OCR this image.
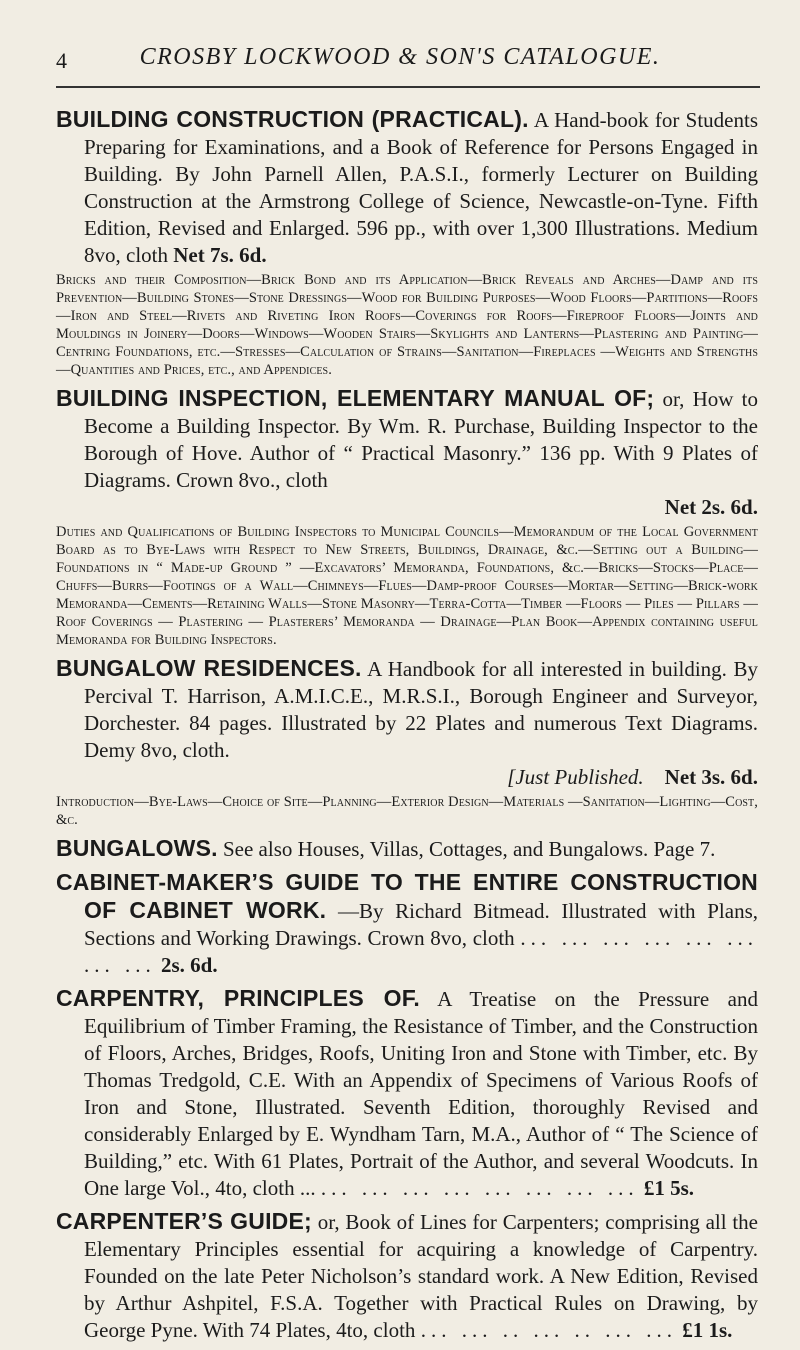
4	CROSBY LOCKWOOD & SON'S CATALOGUE.
BUILDING CONSTRUCTION (PRACTICAL). A Hand-book for Students Preparing for Examinations, and a Book of Reference for Persons Engaged in Building. By John Parnell Allen, P.A.S.I., formerly Lecturer on Building Construction at the Armstrong College of Science, Newcastle-on-Tyne. Fifth Edition, Revised and Enlarged. 596 pp., with over 1,300 Illustrations. Medium 8vo, cloth Net 7s. 6d.
Bricks and their Composition—Brick Bond and its Application—Brick Reveals and Arches—Damp and its Prevention—Building Stones—Stone Dressings—Wood for Building Purposes—Wood Floors—Partitions—Roofs—Iron and Steel—Rivets and Riveting Iron Roofs—Coverings for Roofs—Fireproof Floors—Joints and Mouldings in Joinery—Doors—Windows—Wooden Stairs—Skylights and Lanterns—Plastering and Painting—Centring Foundations, etc.—Stresses—Calculation of Strains—Sanitation—Fireplaces —Weights and Strengths—Quantities and Prices, etc., and Appendices.
BUILDING INSPECTION, ELEMENTARY MANUAL OF; or, How to Become a Building Inspector. By Wm. R. Purchase, Building Inspector to the Borough of Hove. Author of “ Practical Masonry.” 136 pp. With 9 Plates of Diagrams. Crown 8vo., cloth
Net 2s. 6d.
Duties and Qualifications of Building Inspectors to Municipal Councils—Memorandum of the Local Government Board as to Bye-Laws with Respect to New Streets, Buildings, Drainage, &c.—Setting out a Building—Foundations in “ Made-up Ground ” —Excavators’ Memoranda, Foundations, &c.—Bricks—Stocks—Place—Chuffs—Burrs—Footings of a Wall—Chimneys—Flues—Damp-proof Courses—Mortar—Setting—Brick-work Memoranda—Cements—Retaining Walls—Stone Masonry—Terra-Cotta—Timber —Floors — Piles — Pillars — Roof Coverings — Plastering — Plasterers’ Memoranda — Drainage—Plan Book—Appendix containing useful Memoranda for Building Inspectors.
BUNGALOW RESIDENCES. A Handbook for all interested in building. By Percival T. Harrison, A.M.I.C.E., M.R.S.I., Borough Engineer and Surveyor, Dorchester. 84 pages. Illustrated by 22 Plates and numerous Text Diagrams. Demy 8vo, cloth.
[Just Published. Net 3s. 6d.
Introduction—Bye-Laws—Choice of Site—Planning—Exterior Design—Materials —Sanitation—Lighting—Cost, &c.
BUNGALOWS. See also Houses, Villas, Cottages, and Bungalows. Page 7.
CABINET-MAKER’S GUIDE TO THE ENTIRE CONSTRUCTION OF CABINET WORK. —By Richard Bitmead. Illustrated with Plans, Sections and Working Drawings. Crown 8vo, cloth ... ... ... ... ... ... ... ... 2s. 6d.
CARPENTRY, PRINCIPLES OF. A Treatise on the Pressure and Equilibrium of Timber Framing, the Resistance of Timber, and the Construction of Floors, Arches, Bridges, Roofs, Uniting Iron and Stone with Timber, etc. By Thomas Tredgold, C.E. With an Appendix of Specimens of Various Roofs of Iron and Stone, Illustrated. Seventh Edition, thoroughly Revised and considerably Enlarged by E. Wyndham Tarn, M.A., Author of “ The Science of Building,” etc. With 61 Plates, Portrait of the Author, and several Woodcuts. In One large Vol., 4to, cloth ... ... ... ... ... ... ... ... ... £1 5s.
CARPENTER’S GUIDE; or, Book of Lines for Carpenters; comprising all the Elementary Principles essential for acquiring a knowledge of Carpentry. Founded on the late Peter Nicholson’s standard work. A New Edition, Revised by Arthur Ashpitel, F.S.A. Together with Practical Rules on Drawing, by George Pyne. With 74 Plates, 4to, cloth ... ... .. ... .. ... ... £1 1s.
